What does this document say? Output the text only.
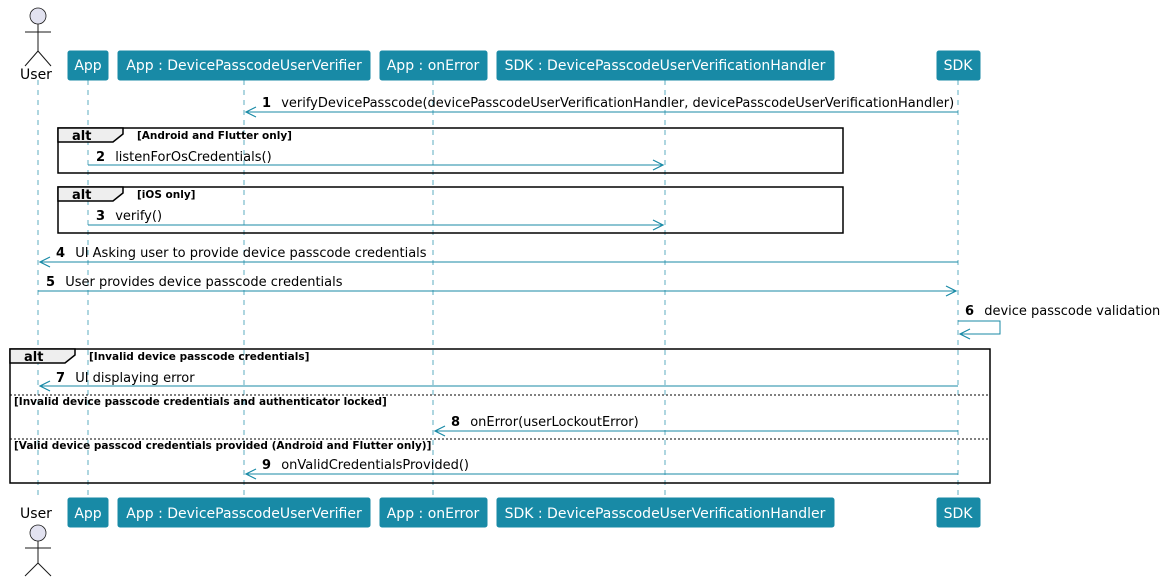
User
App App : DevicePasscodeUserVerifier App : onError SDK : DevicePasscodeUserVerificationHandler	SDK
1 verifyDevicePasscode(devicePasscodeUserVerificationHandler, devicePasscodeUserVerificationHandler)
alt	[Android and Flutter only]
2 listenForOsCredentials()
alt	[iOS only]
3 verify()
4 UI Asking user to provide device passcode credentials
5 User provides device passcode credentials
6 device passcode validation
alt	[Invalid device passcode credentials]
7 UI displaying error
[Invalid device passcode credentials and authenticator locked]
8 onError(userLockoutError)
[Valid device passcod credentials provided (Android and Flutter only)]
9 onValidCredentialsProvided()
User App App : DevicePasscodeUserVerifier App : onError SDK : DevicePasscodeUserVerificationHandler	SDK
